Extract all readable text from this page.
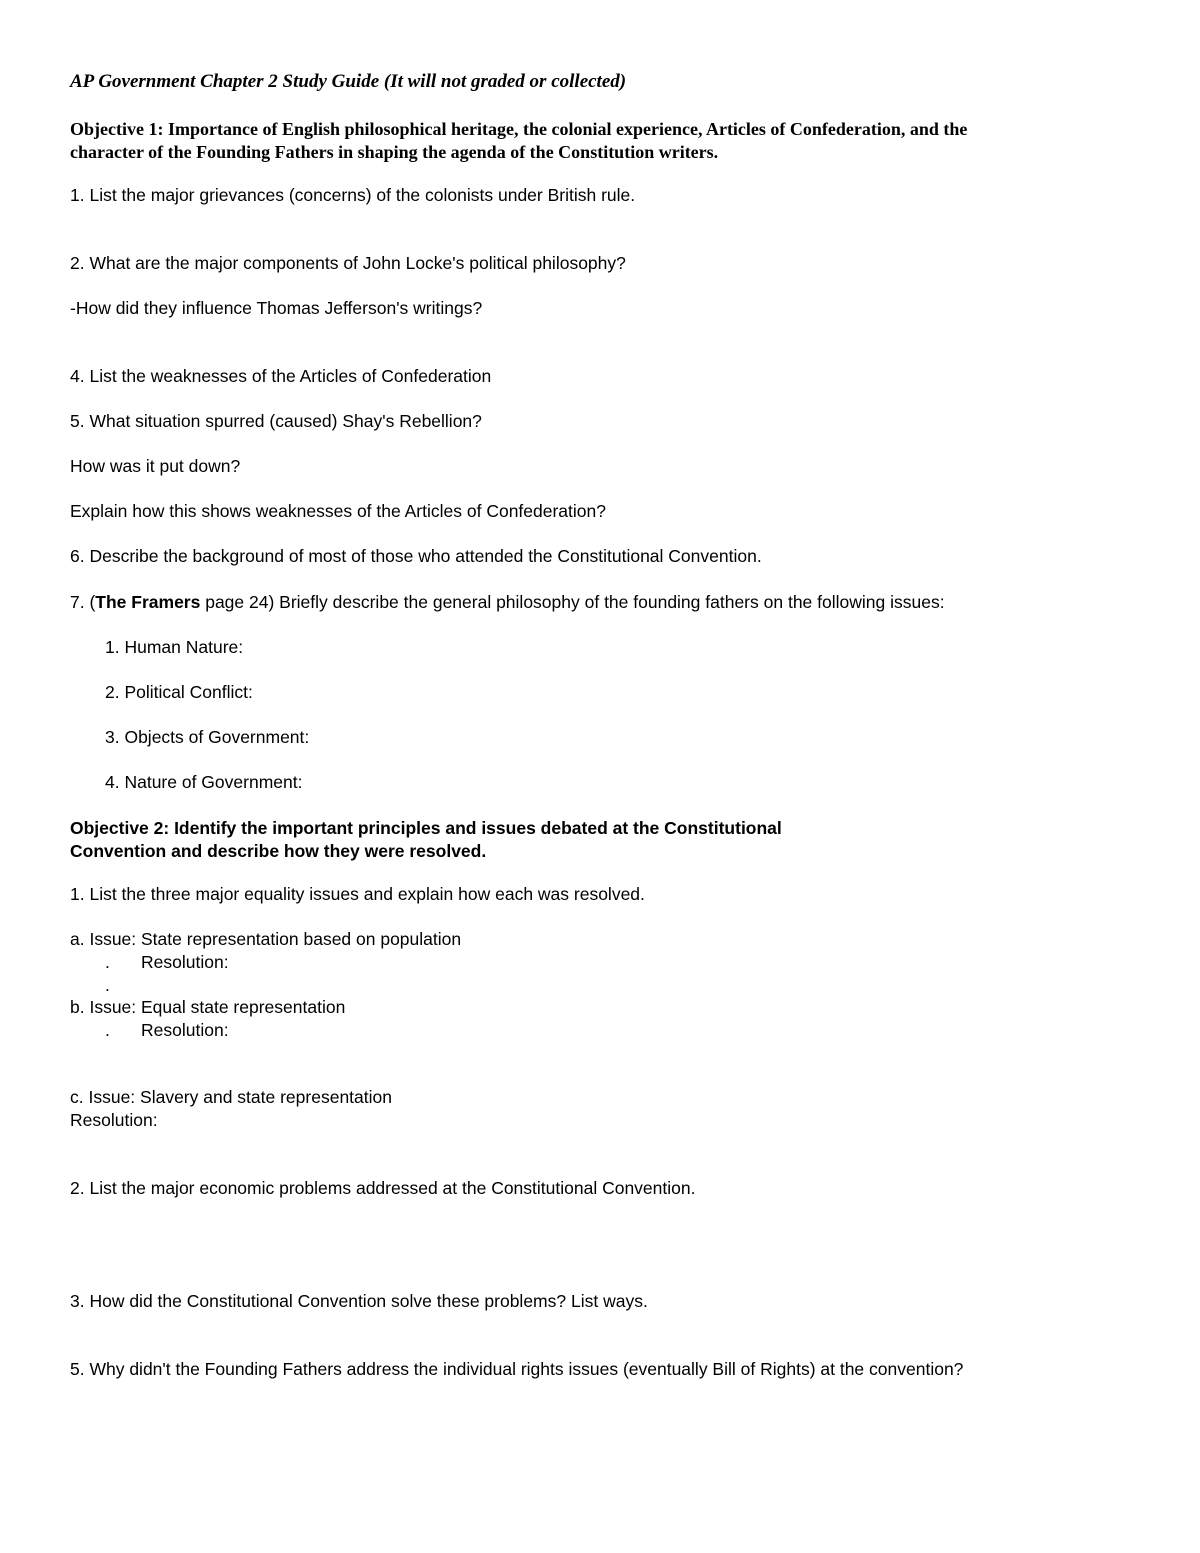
AP Government Chapter 2 Study Guide (It will not graded or collected)
Objective 1: Importance of English philosophical heritage, the colonial experience, Articles of Confederation, and the
character of the Founding Fathers in shaping the agenda of the Constitution writers.
1. List the major grievances (concerns) of the colonists under British rule.
2. What are the major components of John Locke's political philosophy?
-How did they influence Thomas Jefferson's writings?
4. List the weaknesses of the Articles of Confederation
5. What situation spurred (caused) Shay's Rebellion?
How was it put down?
Explain how this shows weaknesses of the Articles of Confederation?
6. Describe the background of most of those who attended the Constitutional Convention.
7. (The Framers page 24) Briefly describe the general philosophy of the founding fathers on the following issues:
1. Human Nature:
2. Political Conflict:
3. Objects of Government:
4. Nature of Government:
Objective 2: Identify the important principles and issues debated at the Constitutional
Convention and describe how they were resolved.
1. List the three major equality issues and explain how each was resolved.
a. Issue: State representation based on population
. Resolution:
.
b. Issue: Equal state representation
. Resolution:
c. Issue: Slavery and state representation
Resolution:
2. List the major economic problems addressed at the Constitutional Convention.
3. How did the Constitutional Convention solve these problems? List ways.
5. Why didn't the Founding Fathers address the individual rights issues (eventually Bill of Rights) at the convention?
